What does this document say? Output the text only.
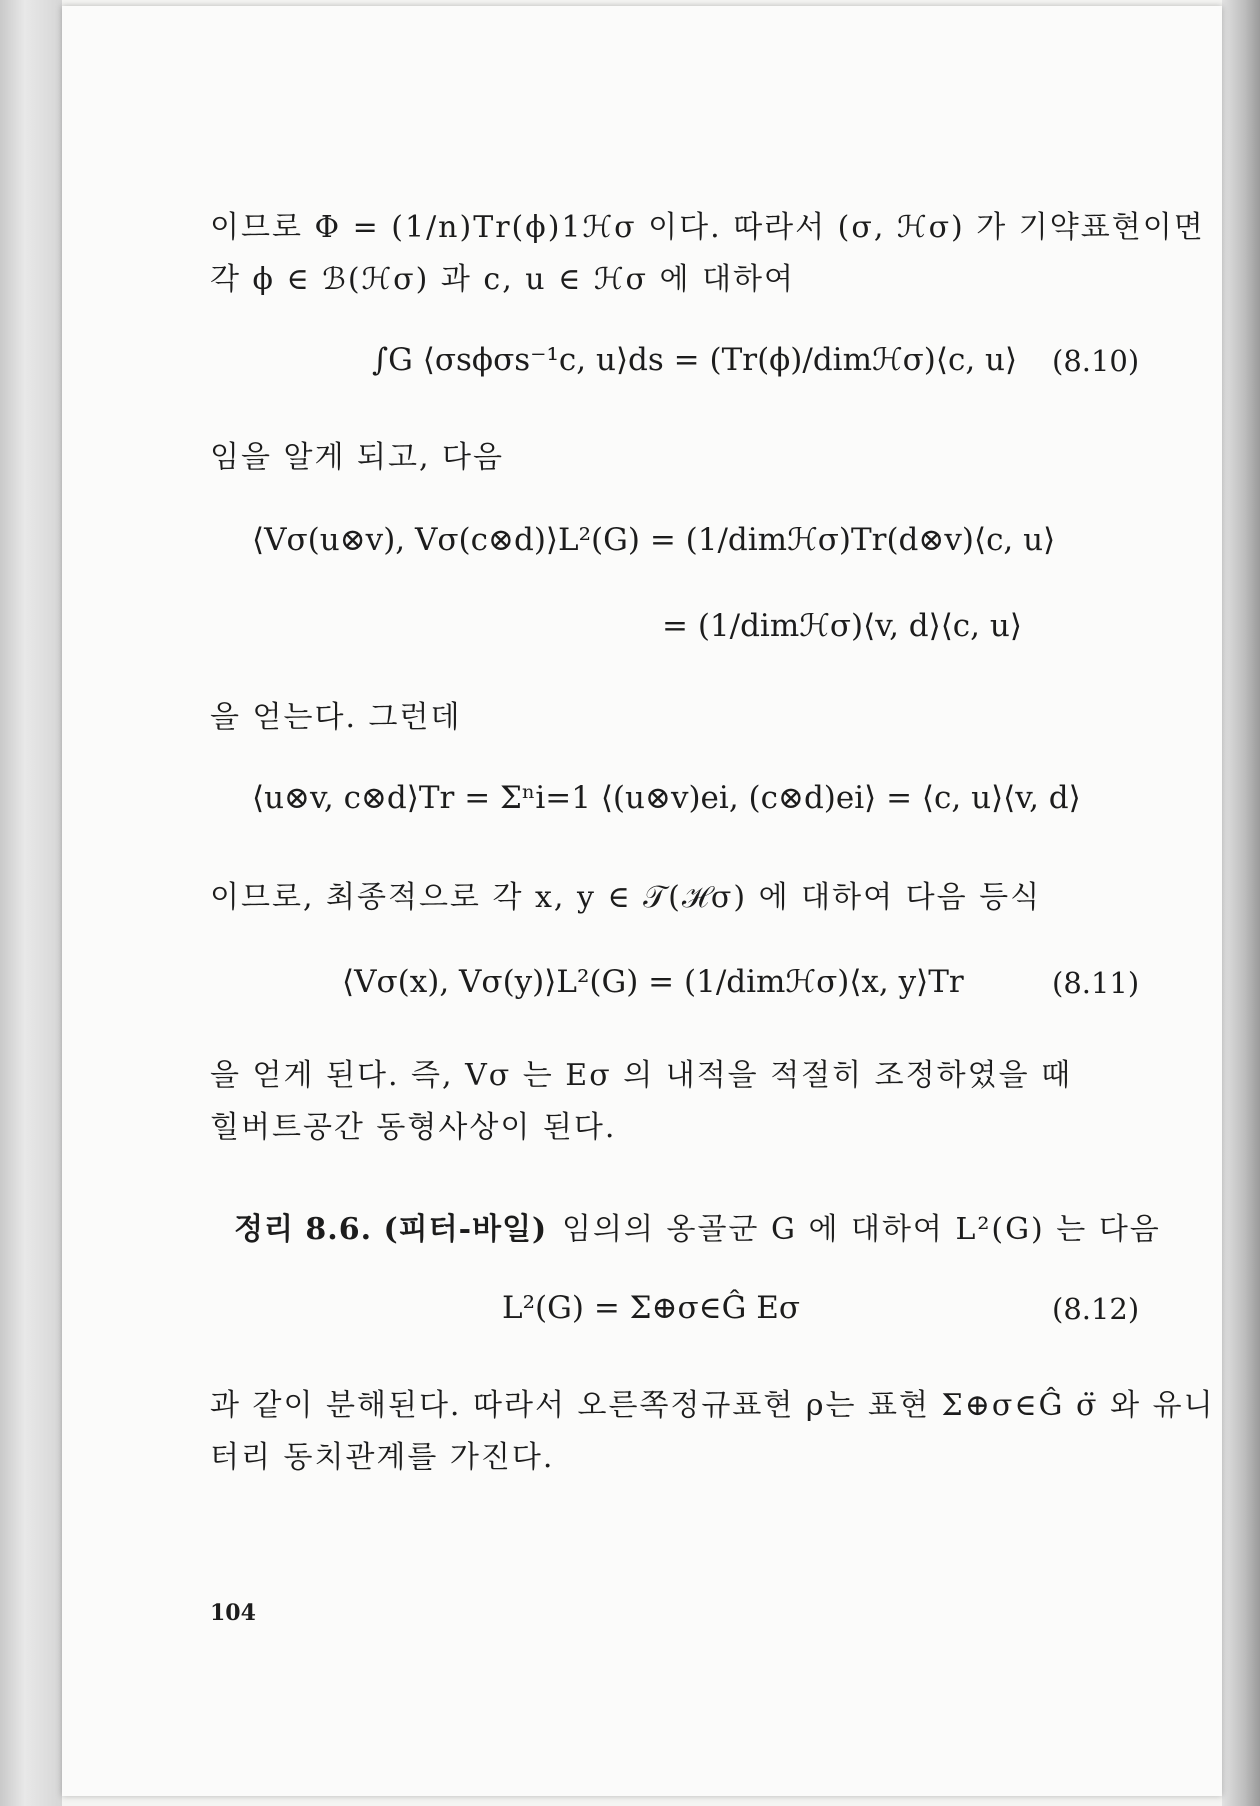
이므로 Φ = (1/n)Tr(ϕ)1ℋσ 이다. 따라서 (σ, ℋσ) 가 기약표현이면
각 ϕ ∈ ℬ(ℋσ) 과 c, u ∈ ℋσ 에 대하여
∫G ⟨σsϕσs⁻¹c, u⟩ds = (Tr(ϕ)/dimℋσ)⟨c, u⟩ (8.10)
임을 알게 되고, 다음
⟨Vσ(u⊗v), Vσ(c⊗d)⟩L²(G) = (1/dimℋσ)Tr(d⊗v)⟨c, u⟩
= (1/dimℋσ)⟨v, d⟩⟨c, u⟩
을 얻는다. 그런데
⟨u⊗v, c⊗d⟩Tr = Σⁿi=1 ⟨(u⊗v)ei, (c⊗d)ei⟩ = ⟨c, u⟩⟨v, d⟩
이므로, 최종적으로 각 x, y ∈ 𝒯(ℋσ) 에 대하여 다음 등식
⟨Vσ(x), Vσ(y)⟩L²(G) = (1/dimℋσ)⟨x, y⟩Tr	(8.11)
을 얻게 된다. 즉, Vσ 는 Eσ 의 내적을 적절히 조정하였을 때
힐버트공간 동형사상이 된다.
정리 8.6. (피터-바일) 임의의 옹골군 G 에 대하여 L²(G) 는 다음
L²(G) = Σ⊕σ∈Ĝ Eσ	(8.12)
과 같이 분해된다. 따라서 오른쪽정규표현 ρ는 표현 Σ⊕σ∈Ĝ σ̈ 와 유니
터리 동치관계를 가진다.
104
